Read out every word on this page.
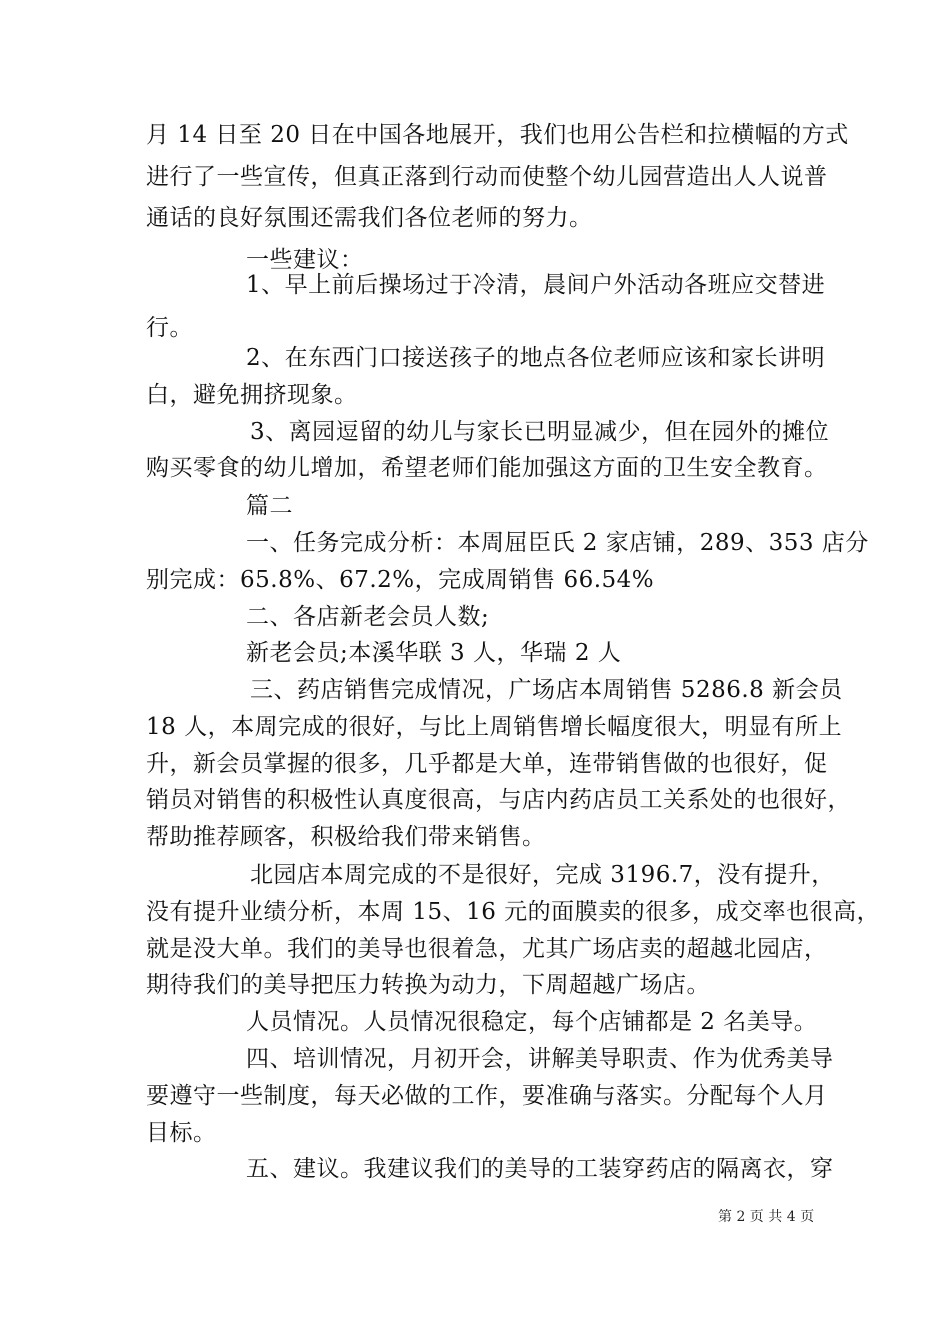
月 14 日至 20 日在中国各地展开，我们也用公告栏和拉横幅的方式
进行了一些宣传，但真正落到行动而使整个幼儿园营造出人人说普
通话的良好氛围还需我们各位老师的努力。
一些建议：
1、早上前后操场过于冷清，晨间户外活动各班应交替进
行。
2、在东西门口接送孩子的地点各位老师应该和家长讲明
白，避免拥挤现象。
3、离园逗留的幼儿与家长已明显减少，但在园外的摊位
购买零食的幼儿增加，希望老师们能加强这方面的卫生安全教育。
篇二
一、任务完成分析：本周屈臣氏 2 家店铺，289、353 店分
别完成：65.8%、67.2%，完成周销售 66.54%
二、各店新老会员人数;
新老会员;本溪华联 3 人，华瑞 2 人
三、药店销售完成情况，广场店本周销售 5286.8 新会员
18 人，本周完成的很好，与比上周销售增长幅度很大，明显有所上
升，新会员掌握的很多，几乎都是大单，连带销售做的也很好，促
销员对销售的积极性认真度很高，与店内药店员工关系处的也很好，
帮助推荐顾客，积极给我们带来销售。
北园店本周完成的不是很好，完成 3196.7，没有提升，
没有提升业绩分析，本周 15、16 元的面膜卖的很多，成交率也很高，
就是没大单。我们的美导也很着急，尤其广场店卖的超越北园店，
期待我们的美导把压力转换为动力，下周超越广场店。
人员情况。人员情况很稳定，每个店铺都是 2 名美导。
四、培训情况，月初开会，讲解美导职责、作为优秀美导
要遵守一些制度，每天必做的工作，要准确与落实。分配每个人月
目标。
五、建议。我建议我们的美导的工装穿药店的隔离衣，穿
第 2 页 共 4 页
